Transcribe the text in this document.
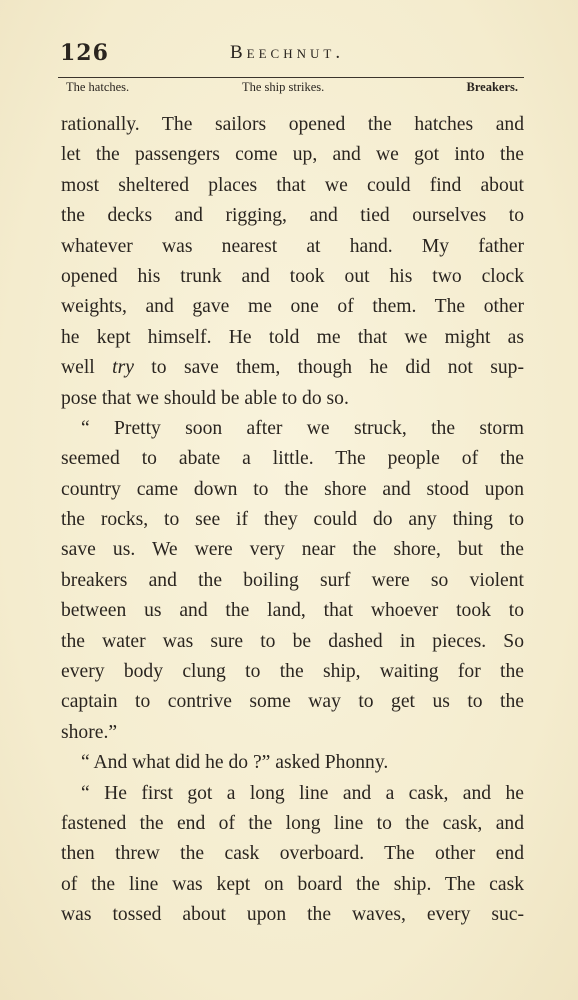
126	Beechnut.
The hatches.	The ship strikes.	Breakers.
rationally. The sailors opened the hatches and
let the passengers come up, and we got into the
most sheltered places that we could find about
the decks and rigging, and tied ourselves to
whatever was nearest at hand. My father
opened his trunk and took out his two clock
weights, and gave me one of them. The other
he kept himself. He told me that we might as
well try to save them, though he did not sup-
pose that we should be able to do so.
“ Pretty soon after we struck, the storm
seemed to abate a little. The people of the
country came down to the shore and stood upon
the rocks, to see if they could do any thing to
save us. We were very near the shore, but the
breakers and the boiling surf were so violent
between us and the land, that whoever took to
the water was sure to be dashed in pieces. So
every body clung to the ship, waiting for the
captain to contrive some way to get us to the
shore.”
“ And what did he do ?” asked Phonny.
“ He first got a long line and a cask, and he
fastened the end of the long line to the cask, and
then threw the cask overboard. The other end
of the line was kept on board the ship. The cask
was tossed about upon the waves, every suc-
